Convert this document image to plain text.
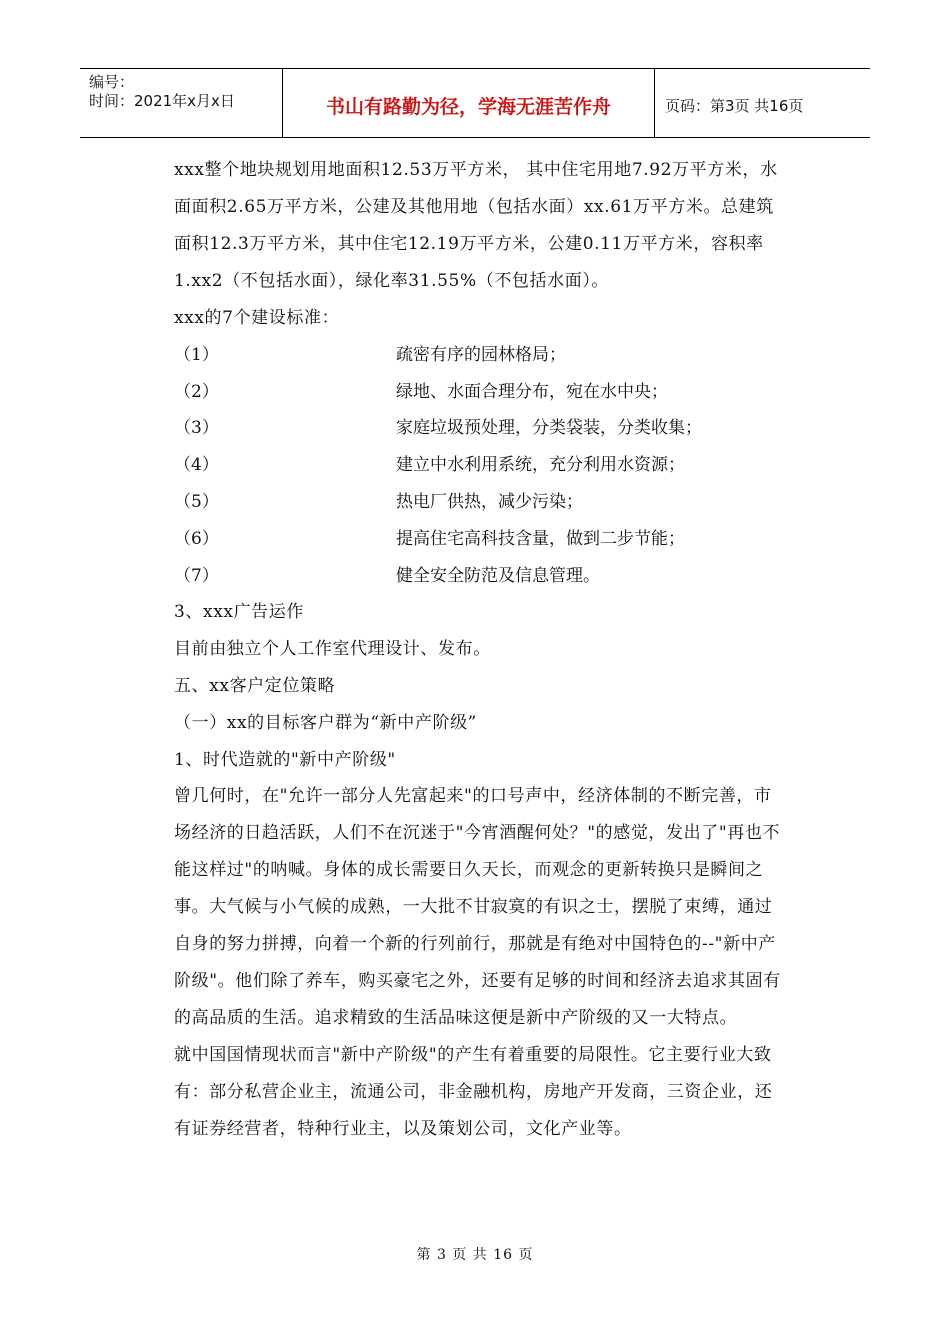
编号：
时间：2021年x月x日	书山有路勤为径，学海无涯苦作舟	页码：第3页 共16页

xxx整个地块规划用地面积12.53万平方米， 其中住宅用地7.92万平方米，水面面积2.65万平方米，公建及其他用地（包括水面）xx.61万平方米。总建筑面积12.3万平方米，其中住宅12.19万平方米，公建0.11万平方米，容积率1.xx2（不包括水面），绿化率31.55%（不包括水面）。

xxx的7个建设标准：

（1）	疏密有序的园林格局；
（2）	绿地、水面合理分布，宛在水中央；
（3）	家庭垃圾预处理，分类袋装，分类收集；
（4）	建立中水利用系统，充分利用水资源；
（5）	热电厂供热，减少污染；
（6）	提高住宅高科技含量，做到二步节能；
（7）	健全安全防范及信息管理。

3、xxx广告运作

目前由独立个人工作室代理设计、发布。

五、xx客户定位策略

（一）xx的目标客户群为“新中产阶级”

1、时代造就的"新中产阶级"

曾几何时，在"允许一部分人先富起来"的口号声中，经济体制的不断完善，市场经济的日趋活跃，人们不在沉迷于"今宵酒醒何处？"的感觉，发出了"再也不能这样过"的呐喊。身体的成长需要日久天长，而观念的更新转换只是瞬间之事。大气候与小气候的成熟，一大批不甘寂寞的有识之士，摆脱了束缚，通过自身的努力拼搏，向着一个新的行列前行，那就是有绝对中国特色的--"新中产阶级"。他们除了养车，购买豪宅之外，还要有足够的时间和经济去追求其固有的高品质的生活。追求精致的生活品味这便是新中产阶级的又一大特点。

就中国国情现状而言"新中产阶级"的产生有着重要的局限性。它主要行业大致有：部分私营企业主，流通公司，非金融机构，房地产开发商，三资企业，还有证券经营者，特种行业主，以及策划公司，文化产业等。

第 3 页 共 16 页
